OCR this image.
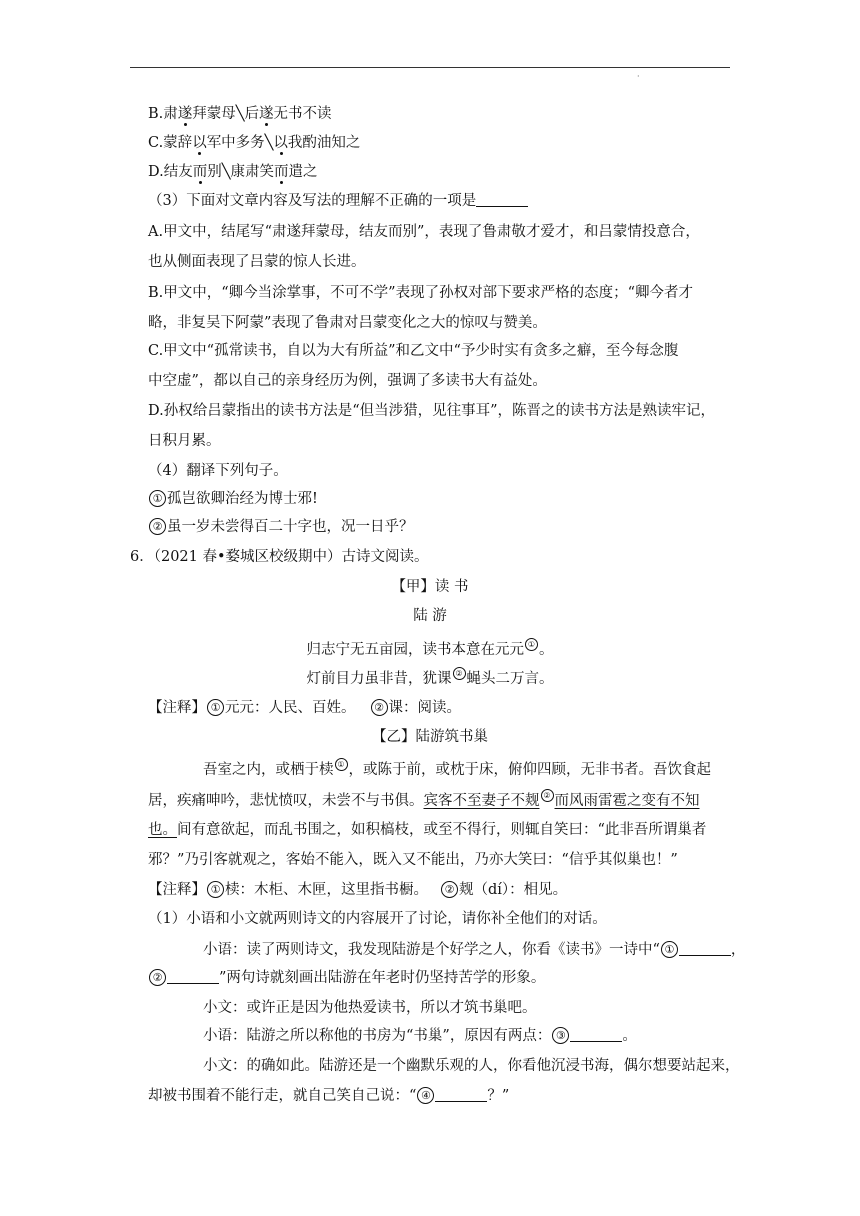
·
B.肃遂拜蒙母╲后遂无书不读
C.蒙辞以军中多务╲以我酌油知之
D.结友而别╲康肃笑而遣之
（3）下面对文章内容及写法的理解不正确的一项是
A.甲文中，结尾写“肃遂拜蒙母，结友而别”，表现了鲁肃敬才爱才，和吕蒙情投意合，
也从侧面表现了吕蒙的惊人长进。
B.甲文中，“卿今当涂掌事，不可不学”表现了孙权对部下要求严格的态度；“卿今者才
略，非复吴下阿蒙”表现了鲁肃对吕蒙变化之大的惊叹与赞美。
C.甲文中“孤常读书，自以为大有所益”和乙文中“予少时实有贪多之癖，至今每念腹
中空虚”，都以自己的亲身经历为例，强调了多读书大有益处。
D.孙权给吕蒙指出的读书方法是“但当涉猎，见往事耳”，陈晋之的读书方法是熟读牢记，
日积月累。
（4）翻译下列句子。
① 孤岂欲卿治经为博士邪!
② 虽一岁未尝得百二十字也，况一日乎？
6．（2021 春•婺城区校级期中）古诗文阅读。
【甲】读 书
陆 游
归志宁无五亩园，读书本意在元元 ① 。
灯前目力虽非昔，犹课 ② 蝇头二万言。
【注释】 ① 元元：人民、百姓。 ② 课：阅读。
【乙】陆游筑书巢
吾室之内，或栖于椟 ① ，或陈于前，或枕于床，俯仰四顾，无非书者。吾饮食起
居，疾痛呻吟，悲忧愤叹，未尝不与书俱。宾客不至妻子不觌 ② 而风雨雷雹之变有不知
也。间有意欲起，而乱书围之，如积槁枝，或至不得行，则辄自笑曰：“此非吾所谓巢者
邪？”乃引客就观之，客始不能入，既入又不能出，乃亦大笑曰：“信乎其似巢也！”
【注释】 ① 椟：木柜、木匣，这里指书橱。 ② 觌（dí）：相见。
（1）小语和小文就两则诗文的内容展开了讨论，请你补全他们的对话。
小语：读了两则诗文，我发现陆游是个好学之人，你看《读书》一诗中“ ①	，
②	”两句诗就刻画出陆游在年老时仍坚持苦学的形象。
小文：或许正是因为他热爱读书，所以才筑书巢吧。
小语：陆游之所以称他的书房为“书巢”，原因有两点： ③	。
小文：的确如此。陆游还是一个幽默乐观的人，你看他沉浸书海，偶尔想要站起来，
却被书围着不能行走，就自己笑自己说：“ ④	？”
